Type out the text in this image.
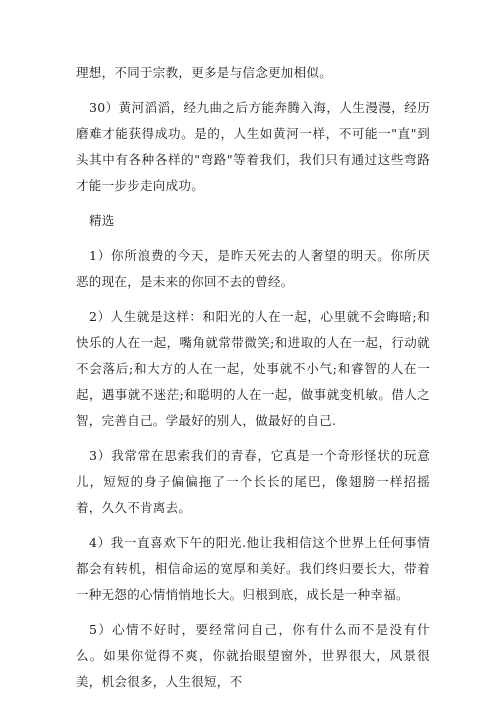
理想，不同于宗教，更多是与信念更加相似。

30）黄河滔滔，经九曲之后方能奔腾入海，人生漫漫，经历磨难才能获得成功。是的，人生如黄河一样，不可能一"直"到头其中有各种各样的"弯路"等着我们，我们只有通过这些弯路才能一步步走向成功。

精选

1）你所浪费的今天，是昨天死去的人奢望的明天。你所厌恶的现在，是未来的你回不去的曾经。

2）人生就是这样：和阳光的人在一起，心里就不会晦暗;和快乐的人在一起，嘴角就常带微笑;和进取的人在一起，行动就不会落后;和大方的人在一起，处事就不小气;和睿智的人在一起，遇事就不迷茫;和聪明的人在一起，做事就变机敏。借人之智，完善自己。学最好的别人，做最好的自己.

3）我常常在思索我们的青春，它真是一个奇形怪状的玩意儿，短短的身子偏偏拖了一个长长的尾巴，像翅膀一样招摇着，久久不肯离去。

4）我一直喜欢下午的阳光.他让我相信这个世界上任何事情都会有转机，相信命运的宽厚和美好。我们终归要长大，带着一种无怨的心情悄悄地长大。归根到底，成长是一种幸福。

5）心情不好时，要经常问自己，你有什么而不是没有什么。如果你觉得不爽，你就抬眼望窗外，世界很大，风景很美，机会很多，人生很短，不
